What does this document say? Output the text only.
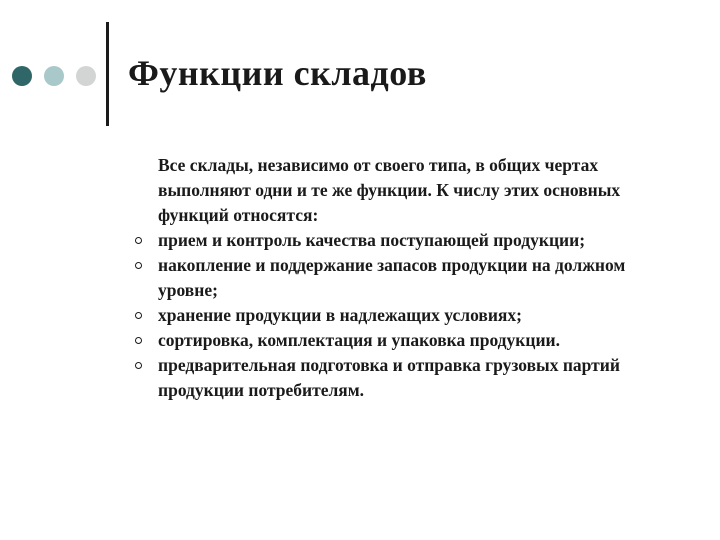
Функции складов
Все склады, независимо от своего типа, в общих чертах выполняют одни и те же функции. К числу этих основных функций относятся:
прием и контроль качества поступающей продукции;
накопление и поддержание запасов продукции на должном уровне;
хранение продукции в надлежащих условиях;
сортировка, комплектация и упаковка продукции.
предварительная подготовка и отправка грузовых партий продукции потребителям.
